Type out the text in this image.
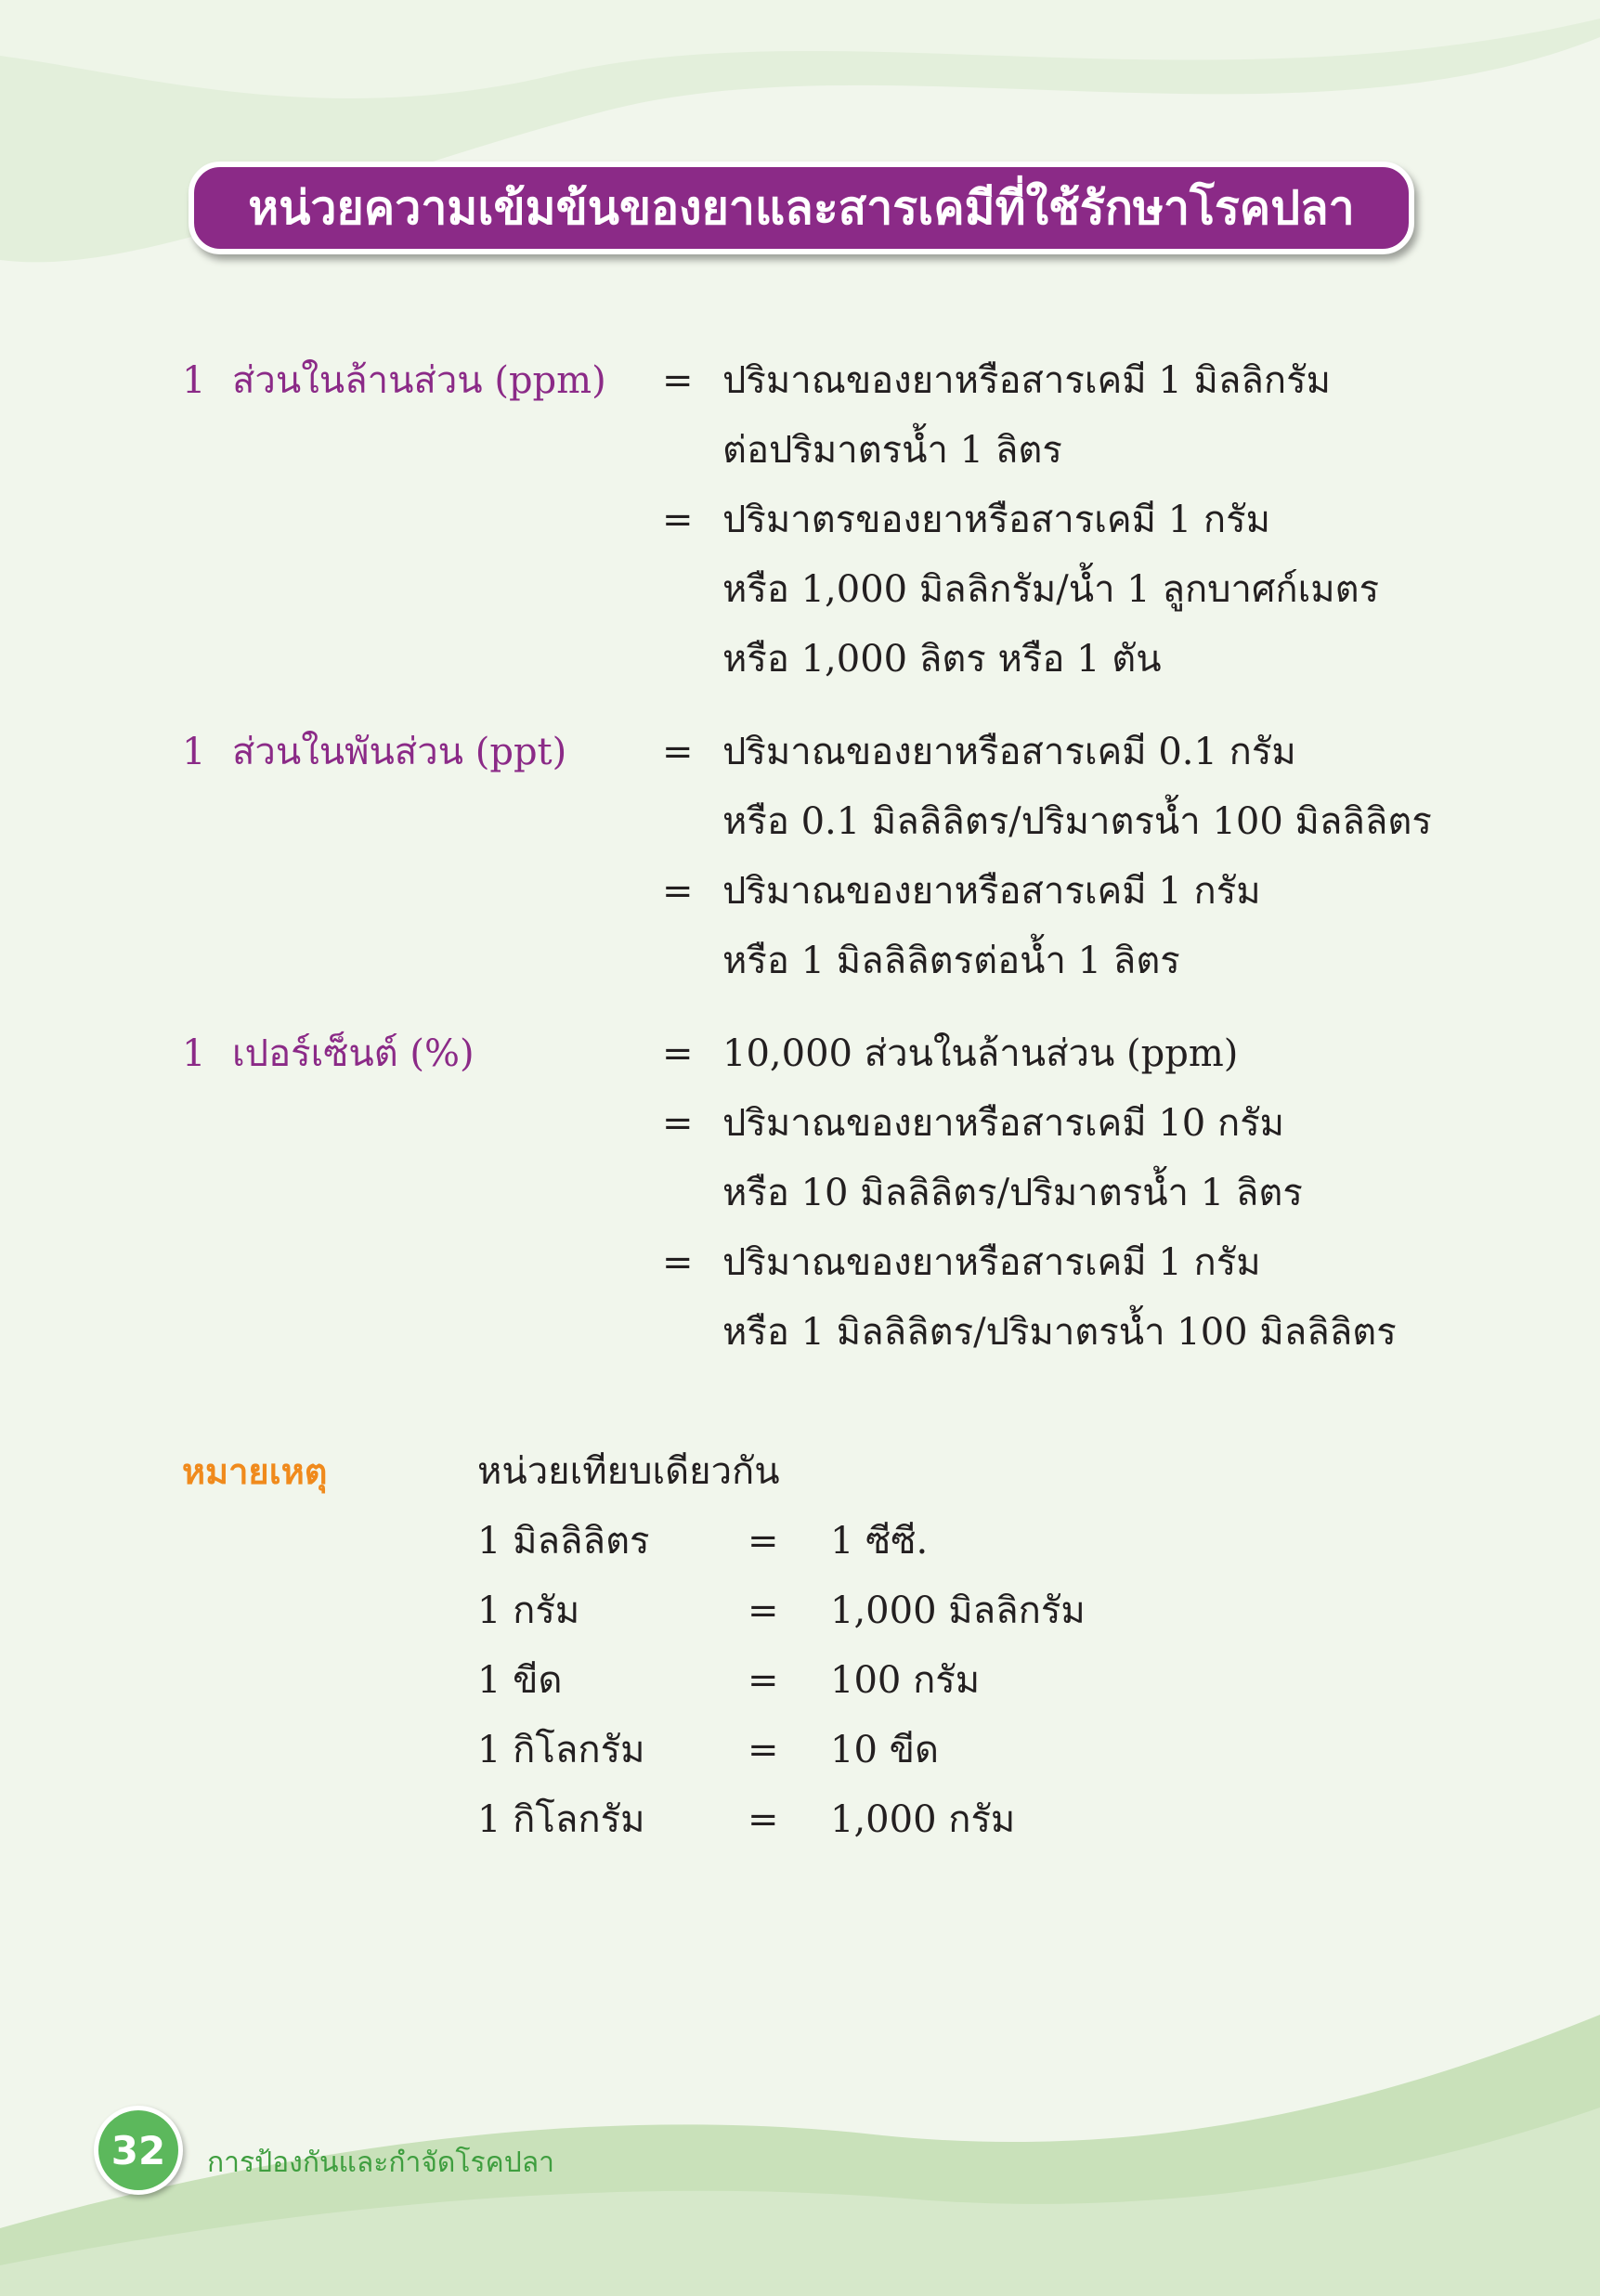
หน่วยความเข้มข้นของยาและสารเคมีที่ใช้รักษาโรคปลา
1 ส่วนในล้านส่วน (ppm) = ปริมาณของยาหรือสารเคมี 1 มิลลิกรัม
ต่อปริมาตรน้ำ 1 ลิตร
= ปริมาตรของยาหรือสารเคมี 1 กรัม
หรือ 1,000 มิลลิกรัม/น้ำ 1 ลูกบาศก์เมตร
หรือ 1,000 ลิตร หรือ 1 ตัน
1 ส่วนในพันส่วน (ppt)	= ปริมาณของยาหรือสารเคมี 0.1 กรัม
หรือ 0.1 มิลลิลิตร/ปริมาตรน้ำ 100 มิลลิลิตร
= ปริมาณของยาหรือสารเคมี 1 กรัม
หรือ 1 มิลลิลิตรต่อน้ำ 1 ลิตร
1 เปอร์เซ็นต์ (%)	= 10,000 ส่วนในล้านส่วน (ppm)
= ปริมาณของยาหรือสารเคมี 10 กรัม
หรือ 10 มิลลิลิตร/ปริมาตรน้ำ 1 ลิตร
= ปริมาณของยาหรือสารเคมี 1 กรัม
หรือ 1 มิลลิลิตร/ปริมาตรน้ำ 100 มิลลิลิตร
หมายเหตุ	หน่วยเทียบเดียวกัน
1 มิลลิลิตร	= 1 ซีซี.
1 กรัม	= 1,000 มิลลิกรัม
1 ขีด	= 100 กรัม
1 กิโลกรัม	= 10 ขีด
1 กิโลกรัม	= 1,000 กรัม
32 การป้องกันและกำจัดโรคปลา
